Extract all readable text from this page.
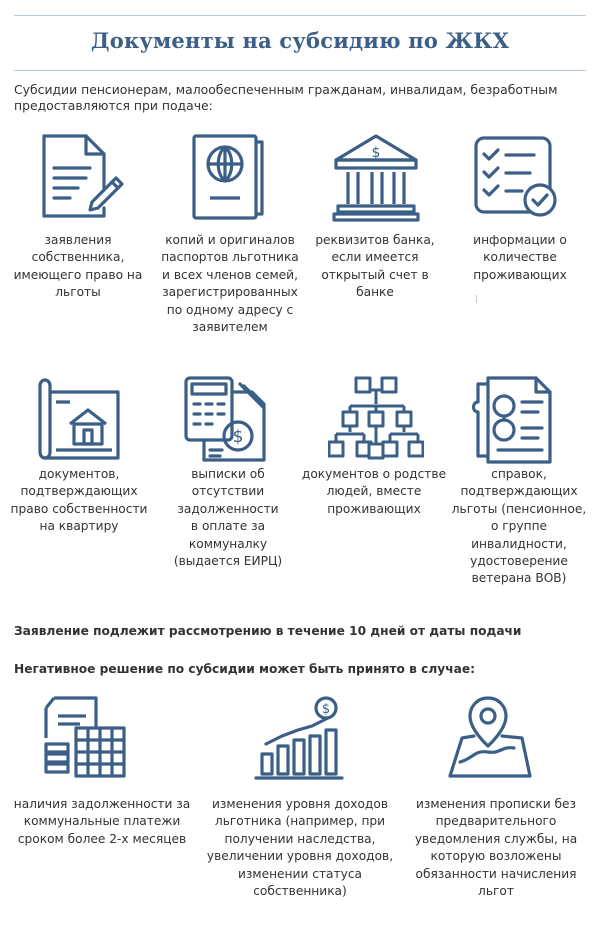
Документы на субсидию по ЖКХ
Субсидии пенсионерам, малообеспеченным гражданам, инвалидам, безработным предоставляются при подаче:
заявления
собственника,
имеющего право на
льготы
копий и оригиналов
паспортов льготника
и всех членов семей,
зарегистрированных
по одному адресу с
заявителем
$
реквизитов банка,
если имеется
открытый счет в
банке
информации о
количестве
проживающих
документов,
подтверждающих
право собственности
на квартиру
$
выписки об
отсутствии
задолженности
в оплате за
коммуналку
(выдается ЕИРЦ)
документов о родстве
людей, вместе
проживающих
справок,
подтверждающих
льготы (пенсионное,
о группе
инвалидности,
удостоверение
ветерана ВОВ)
Заявление подлежит рассмотрению в течение 10 дней от даты подачи
Негативное решение по субсидии может быть принято в случае:
наличия задолженности за
коммунальные платежи
сроком более 2-х месяцев
$
изменения уровня доходов
льготника (например, при
получении наследства,
увеличении уровня доходов,
изменении статуса
собственника)
изменения прописки без
предварительного
уведомления службы, на
которую возложены
обязанности начисления
льгот
